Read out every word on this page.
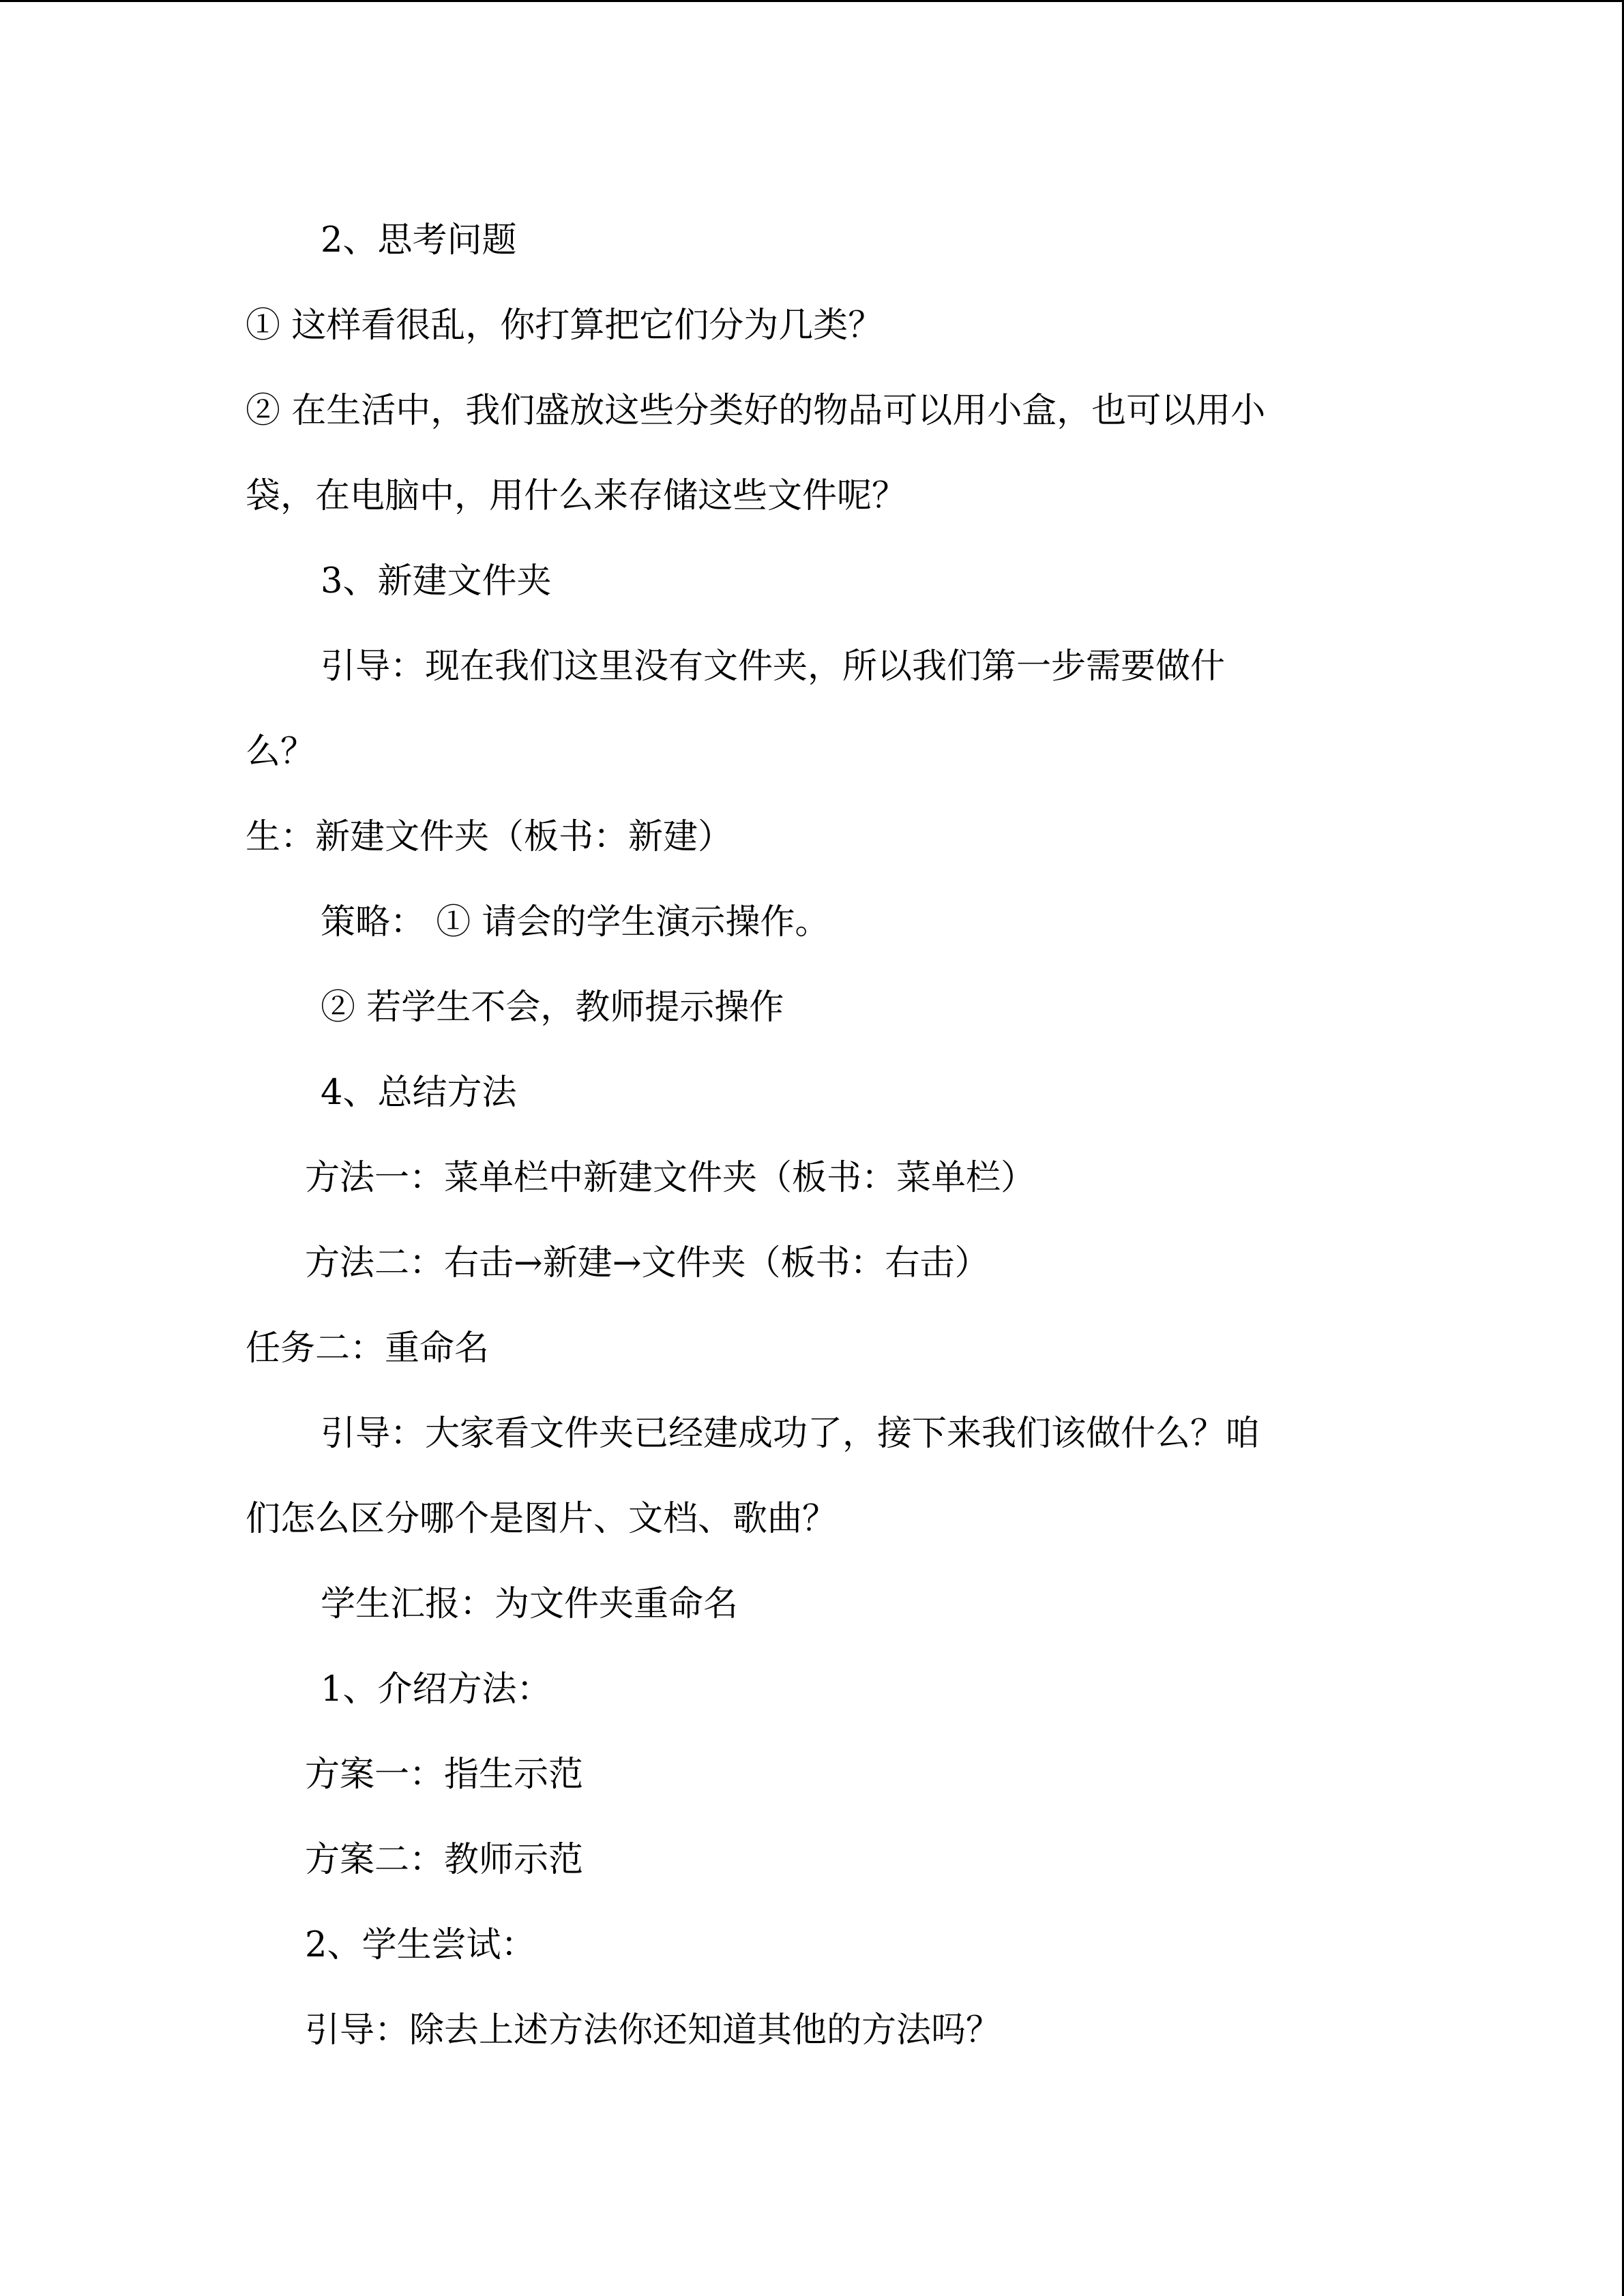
2、思考问题

① 这样看很乱，你打算把它们分为几类？

② 在生活中，我们盛放这些分类好的物品可以用小盒，也可以用小

袋，在电脑中，用什么来存储这些文件呢？

3、新建文件夹

引导：现在我们这里没有文件夹，所以我们第一步需要做什

么？

生：新建文件夹（板书：新建）

策略： ① 请会的学生演示操作。

② 若学生不会，教师提示操作

4、总结方法

方法一：菜单栏中新建文件夹（板书：菜单栏）

方法二：右击→新建→文件夹（板书：右击）

任务二：重命名

引导：大家看文件夹已经建成功了，接下来我们该做什么？咱

们怎么区分哪个是图片、文档、歌曲？

学生汇报：为文件夹重命名

1、介绍方法：

方案一：指生示范

方案二：教师示范

2、学生尝试：

引导：除去上述方法你还知道其他的方法吗？
